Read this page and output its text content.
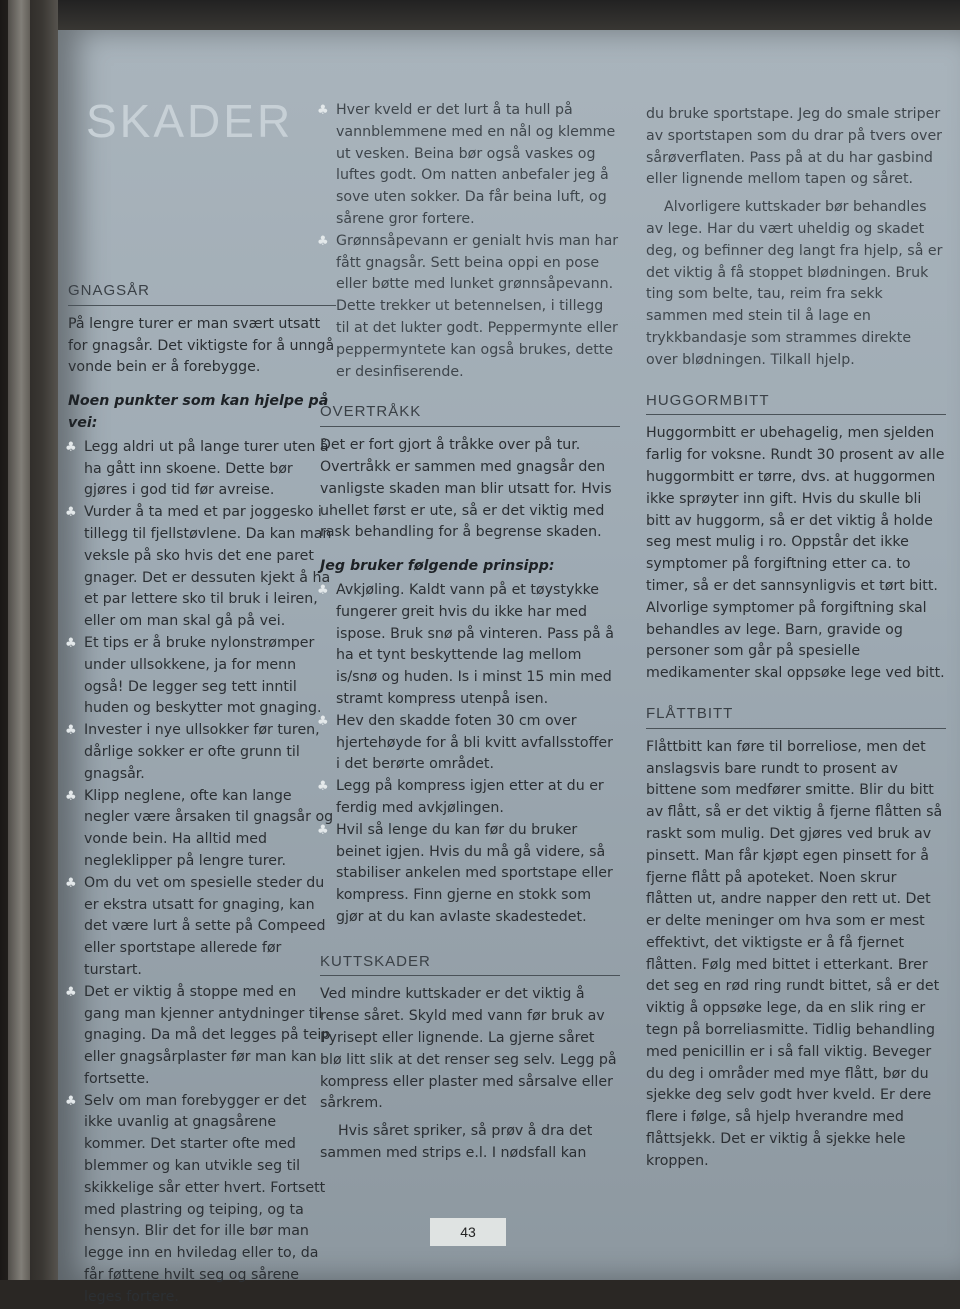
SKADER
GNAGSÅR

På lengre turer er man svært utsatt for gnagsår. Det viktigste for å unngå vonde bein er å forebygge.

Noen punkter som kan hjelpe på vei:
♣ Legg aldri ut på lange turer uten å ha gått inn skoene. Dette bør gjøres i god tid før avreise.
♣ Vurder å ta med et par joggesko i tillegg til fjellstøvlene. Da kan man veksle på sko hvis det ene paret gnager. Det er dessuten kjekt å ha et par lettere sko til bruk i leiren, eller om man skal gå på vei.
♣ Et tips er å bruke nylonstrømper under ullsokkene, ja for menn også! De legger seg tett inntil huden og beskytter mot gnaging.
♣ Invester i nye ullsokker før turen, dårlige sokker er ofte grunn til gnagsår.
♣ Klipp neglene, ofte kan lange negler være årsaken til gnagsår og vonde bein. Ha alltid med negleklipper på lengre turer.
♣ Om du vet om spesielle steder du er ekstra utsatt for gnaging, kan det være lurt å sette på Compeed eller sportstape allerede før turstart.
♣ Det er viktig å stoppe med en gang man kjenner antydninger til gnaging. Da må det legges på teip eller gnagsårplaster før man kan fortsette.
♣ Selv om man forebygger er det ikke uvanlig at gnagsårene kommer. Det starter ofte med blemmer og kan utvikle seg til skikkelige sår etter hvert. Fortsett med plastring og teiping, og ta hensyn. Blir det for ille bør man legge inn en hviledag eller to, da får føttene hvilt seg og sårene leges fortere.
♣ Hver kveld er det lurt å ta hull på vannblemmene med en nål og klemme ut vesken. Beina bør også vaskes og luftes godt. Om natten anbefaler jeg å sove uten sokker. Da får beina luft, og sårene gror fortere.
♣ Grønnsåpevann er genialt hvis man har fått gnagsår. Sett beina oppi en pose eller bøtte med lunket grønnsåpevann. Dette trekker ut betennelsen, i tillegg til at det lukter godt. Peppermynte eller peppermyntete kan også brukes, dette er desinfiserende.
OVERTRÅKK

Det er fort gjort å tråkke over på tur. Overtråkk er sammen med gnagsår den vanligste skaden man blir utsatt for. Hvis uhellet først er ute, så er det viktig med rask behandling for å begrense skaden.

Jeg bruker følgende prinsipp:
♣ Avkjøling. Kaldt vann på et tøystykke fungerer greit hvis du ikke har med ispose. Bruk snø på vinteren. Pass på å ha et tynt beskyttende lag mellom is/snø og huden. Is i minst 15 min med stramt kompress utenpå isen.
♣ Hev den skadde foten 30 cm over hjertehøyde for å bli kvitt avfallsstoffer i det berørte området.
♣ Legg på kompress igjen etter at du er ferdig med avkjølingen.
♣ Hvil så lenge du kan før du bruker beinet igjen. Hvis du må gå videre, så stabiliser ankelen med sportstape eller kompress. Finn gjerne en stokk som gjør at du kan avlaste skadestedet.
KUTTSKADER

Ved mindre kuttskader er det viktig å rense såret. Skyld med vann før bruk av Pyrisept eller lignende. La gjerne såret blø litt slik at det renser seg selv. Legg på kompress eller plaster med sårsalve eller sårkrem.

Hvis såret spriker, så prøv å dra det sammen med strips e.l. I nødsfall kan

du bruke sportstape. Jeg do smale striper av sportstapen som du drar på tvers over sårøverflaten. Pass på at du har gasbind eller lignende mellom tapen og såret.

Alvorligere kuttskader bør behandles av lege. Har du vært uheldig og skadet deg, og befinner deg langt fra hjelp, så er det viktig å få stoppet blødningen. Bruk ting som belte, tau, reim fra sekk sammen med stein til å lage en trykkbandasje som strammes direkte over blødningen. Tilkall hjelp.

HUGGORMBITT

Huggormbitt er ubehagelig, men sjelden farlig for voksne. Rundt 30 prosent av alle huggormbitt er tørre, dvs. at huggormen ikke sprøyter inn gift. Hvis du skulle bli bitt av huggorm, så er det viktig å holde seg mest mulig i ro. Oppstår det ikke symptomer på forgiftning etter ca. to timer, så er det sannsynligvis et tørt bitt. Alvorlige symptomer på forgiftning skal behandles av lege. Barn, gravide og personer som går på spesielle medikamenter skal oppsøke lege ved bitt.

FLÅTTBITT

Flåttbitt kan føre til borreliose, men det anslagsvis bare rundt to prosent av bittene som medfører smitte. Blir du bitt av flått, så er det viktig å fjerne flåtten så raskt som mulig. Det gjøres ved bruk av pinsett. Man får kjøpt egen pinsett for å fjerne flått på apoteket. Noen skrur flåtten ut, andre napper den rett ut. Det er delte meninger om hva som er mest effektivt, det viktigste er å få fjernet flåtten. Følg med bittet i etterkant. Brer det seg en rød ring rundt bittet, så er det viktig å oppsøke lege, da en slik ring er tegn på borreliasmitte. Tidlig behandling med penicillin er i så fall viktig. Beveger du deg i områder med mye flått, bør du sjekke deg selv godt hver kveld. Er dere flere i følge, så hjelp hverandre med flåttsjekk. Det er viktig å sjekke hele kroppen.

43
